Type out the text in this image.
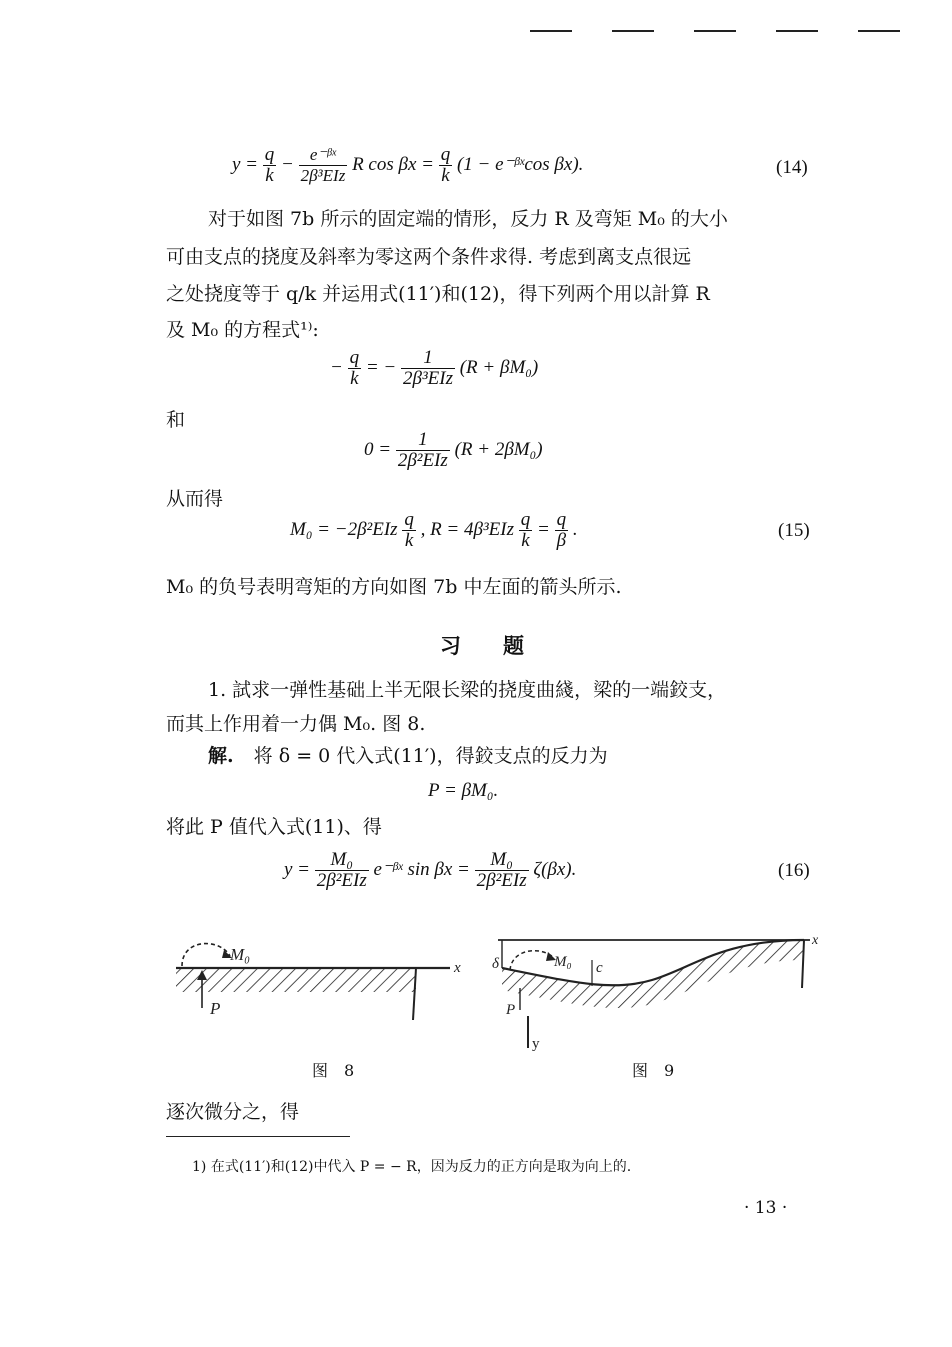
$y = \frac{q}{k} - \frac{\text{e⁻ᵝˣ}}{\text{2β³EIz}}$ R $\cos \beta x = \frac{q}{k} (1$ − e⁻ᵝˣcos βx).	(14)
对于如图 7b 所示的固定端的情形，反力 R 及弯矩 M₀ 的大小
可由支点的挠度及斜率为零这两个条件求得. 考虑到离支点很远
之处挠度等于 q/k 并运用式(11′)和(12)，得下列两个用以計算 R
及 M₀ 的方程式¹⁾:
− $\frac{q}{k}$ = − $\frac{1}{\text{2β³EIz}} (R + \beta M_0)$
和
$0 = \frac{1}{\text{2β²EIz}} (R + 2\beta M_0)$
从而得
$M_0 = -2\beta^2EIz \frac{q}{k}$ , $R = 4\beta^3EIz \frac{q}{k} = \frac{q}{\beta}$ .	(15)
M₀ 的负号表明弯矩的方向如图 7b 中左面的箭头所示.
习　　题
1. 試求一弹性基础上半无限长梁的挠度曲綫，梁的一端鉸支，
而其上作用着一力偶 M₀. 图 8.
解. 将 δ = 0 代入式(11′)，得鉸支点的反力为
P = βM₀.
将此 P 值代入式(11)、得
$y = \frac{\text{M₀}}{\text{2β²EIz}}$ e⁻ᵝˣ $\sin \beta x = \frac{\text{M₀}}{\text{2β²EIz}} \zeta(\beta x)$.	(16)
M₀
P
x
图　8
δ	M₀ c
P
x
y
图　9
逐次微分之，得
1) 在式(11′)和(12)中代入 P = − R，因为反力的正方向是取为向上的.
· 13 ·
